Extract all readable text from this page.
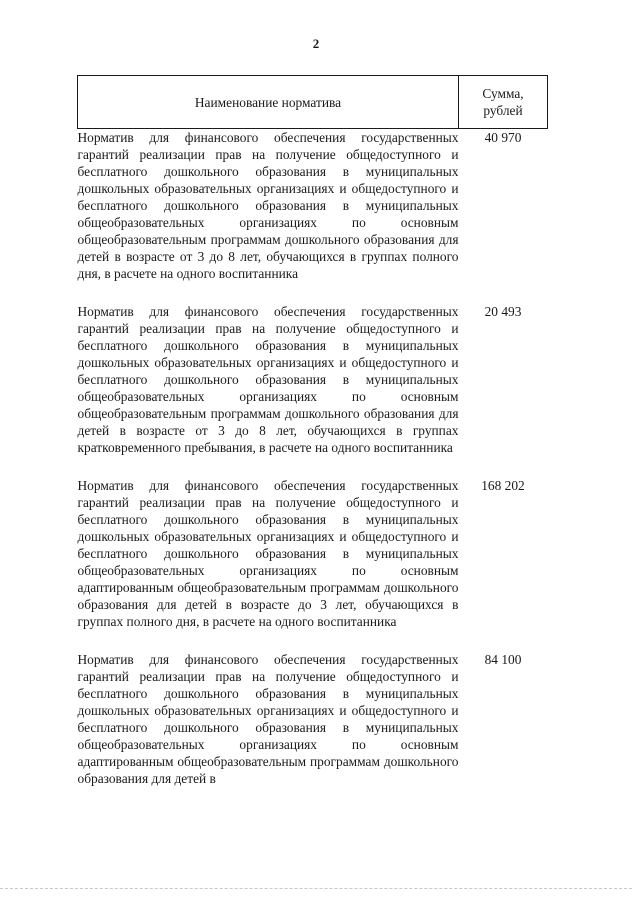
2
Наименование норматива	Сумма, рублей
Норматив для финансового обеспечения государственных гарантий реализации прав на получение общедоступного и бесплатного дошкольного образования в муниципальных дошкольных образовательных организациях и общедоступного и бесплатного дошкольного образования в муниципальных общеобразовательных организациях по основным общеобразовательным программам дошкольного образования для детей в возрасте от 3 до 8 лет, обучающихся в группах полного дня, в расчете на одного воспитанника	40 970

Норматив для финансового обеспечения государственных гарантий реализации прав на получение общедоступного и бесплатного дошкольного образования в муниципальных дошкольных образовательных организациях и общедоступного и бесплатного дошкольного образования в муниципальных общеобразовательных организациях по основным общеобразовательным программам дошкольного образования для детей в возрасте от 3 до 8 лет, обучающихся в группах кратковременного пребывания, в расчете на одного воспитанника	20 493

Норматив для финансового обеспечения государственных гарантий реализации прав на получение общедоступного и бесплатного дошкольного образования в муниципальных дошкольных образовательных организациях и общедоступного и бесплатного дошкольного образования в муниципальных общеобразовательных организациях по основным адаптированным общеобразовательным программам дошкольного образования для детей в возрасте до 3 лет, обучающихся в группах полного дня, в расчете на одного воспитанника	168 202

Норматив для финансового обеспечения государственных гарантий реализации прав на получение общедоступного и бесплатного дошкольного образования в муниципальных дошкольных образовательных организациях и общедоступного и бесплатного дошкольного образования в муниципальных общеобразовательных организациях по основным адаптированным общеобразовательным программам дошкольного образования для детей в	84 100
